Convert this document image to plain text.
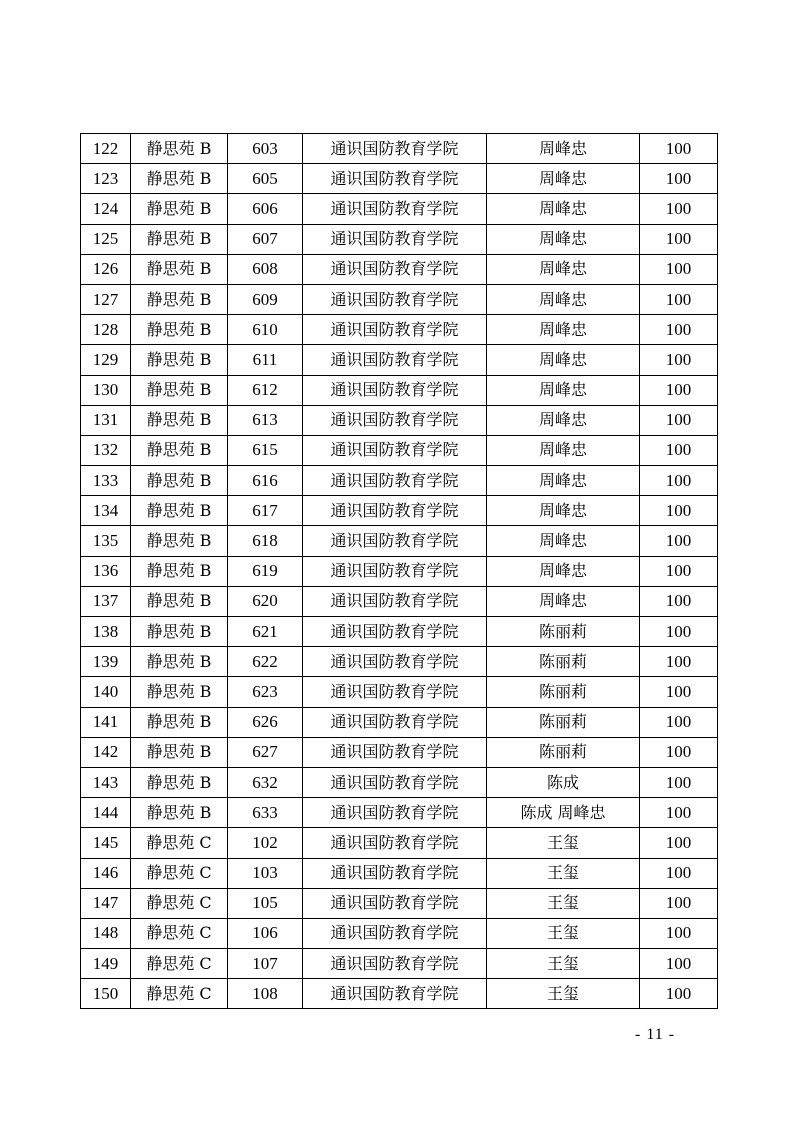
122	静思苑 B	603	通识国防教育学院	周峰忠	100
123	静思苑 B	605	通识国防教育学院	周峰忠	100
124	静思苑 B	606	通识国防教育学院	周峰忠	100
125	静思苑 B	607	通识国防教育学院	周峰忠	100
126	静思苑 B	608	通识国防教育学院	周峰忠	100
127	静思苑 B	609	通识国防教育学院	周峰忠	100
128	静思苑 B	610	通识国防教育学院	周峰忠	100
129	静思苑 B	611	通识国防教育学院	周峰忠	100
130	静思苑 B	612	通识国防教育学院	周峰忠	100
131	静思苑 B	613	通识国防教育学院	周峰忠	100
132	静思苑 B	615	通识国防教育学院	周峰忠	100
133	静思苑 B	616	通识国防教育学院	周峰忠	100
134	静思苑 B	617	通识国防教育学院	周峰忠	100
135	静思苑 B	618	通识国防教育学院	周峰忠	100
136	静思苑 B	619	通识国防教育学院	周峰忠	100
137	静思苑 B	620	通识国防教育学院	周峰忠	100
138	静思苑 B	621	通识国防教育学院	陈丽莉	100
139	静思苑 B	622	通识国防教育学院	陈丽莉	100
140	静思苑 B	623	通识国防教育学院	陈丽莉	100
141	静思苑 B	626	通识国防教育学院	陈丽莉	100
142	静思苑 B	627	通识国防教育学院	陈丽莉	100
143	静思苑 B	632	通识国防教育学院	陈成	100
144	静思苑 B	633	通识国防教育学院	陈成 周峰忠	100
145	静思苑 C	102	通识国防教育学院	王玺	100
146	静思苑 C	103	通识国防教育学院	王玺	100
147	静思苑 C	105	通识国防教育学院	王玺	100
148	静思苑 C	106	通识国防教育学院	王玺	100
149	静思苑 C	107	通识国防教育学院	王玺	100
150	静思苑 C	108	通识国防教育学院	王玺	100
- 11 -
